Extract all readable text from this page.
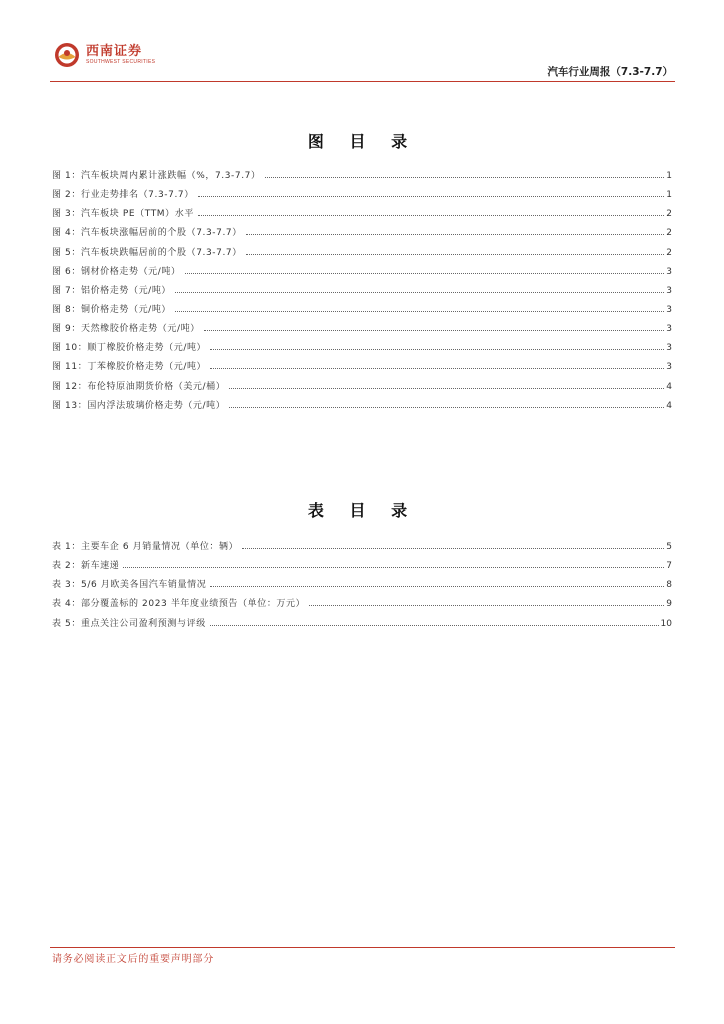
西南证券
SOUTHWEST SECURITIES
汽车行业周报（7.3-7.7）
图 目 录
图 1：汽车板块周内累计涨跌幅（%，7.3-7.7）	1
图 2：行业走势排名（7.3-7.7）	1
图 3：汽车板块 PE（TTM）水平	2
图 4：汽车板块涨幅居前的个股（7.3-7.7）	2
图 5：汽车板块跌幅居前的个股（7.3-7.7）	2
图 6：钢材价格走势（元/吨）	3
图 7：铝价格走势（元/吨）	3
图 8：铜价格走势（元/吨）	3
图 9：天然橡胶价格走势（元/吨）	3
图 10：顺丁橡胶价格走势（元/吨）	3
图 11：丁苯橡胶价格走势（元/吨）	3
图 12：布伦特原油期货价格（美元/桶）	4
图 13：国内浮法玻璃价格走势（元/吨）	4
表 目 录
表 1：主要车企 6 月销量情况（单位：辆）	5
表 2：新车速递	7
表 3：5/6 月欧美各国汽车销量情况	8
表 4：部分覆盖标的 2023 半年度业绩预告（单位：万元）	9
表 5：重点关注公司盈利预测与评级	10
请务必阅读正文后的重要声明部分
